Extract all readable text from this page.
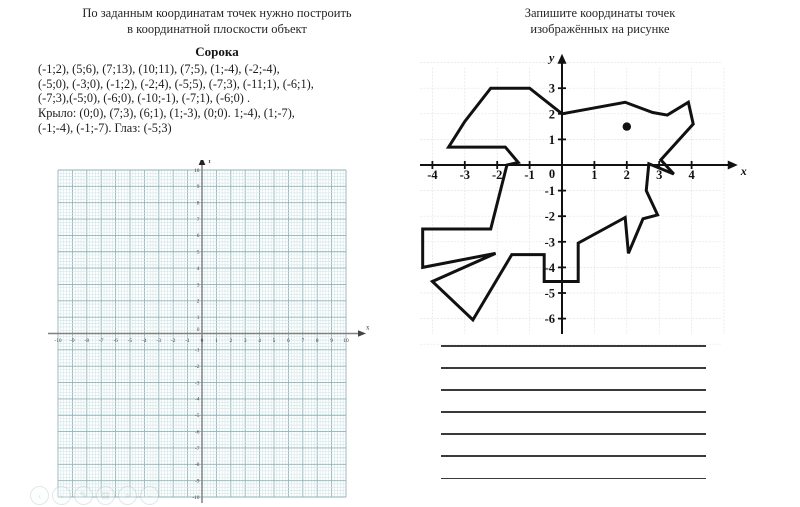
По заданным координатам точек нужно построить
в координатной плоскости объект
Сорока
(-1;2), (5;6), (7;13), (10;11), (7;5), (1;-4), (-2;-4),
(-5;0), (-3;0), (-1;2), (-2;4), (-5;5), (-7;3), (-11;1), (-6;1),
(-7;3),(-5;0), (-6;0), (-10;-1), (-7;1), (-6;0) .
Крыло: (0;0), (7;3), (6;1), (1;-3), (0;0). 1;-4), (1;-7),
(-1;-4), (-1;-7). Глаз: (-5;3)
x
Y
-10 -9 -8 -7 -6 -5 -4 -3 -2 -1 0 1 2 3 4 5 6 7 8 9 10
10
9
8
7
6
5
4
3
2
1
-1
-2
-3
-4
-5
-6
-7
-8
-9
-10
0
‹	›	✎	▤	⌕	−
Запишите координаты точек
изображённых на рисунке
x
y
-4 -3 -2 -1 0	1 2 3 4
3
2
1
-1
-2
-3
-4
-5
-6
